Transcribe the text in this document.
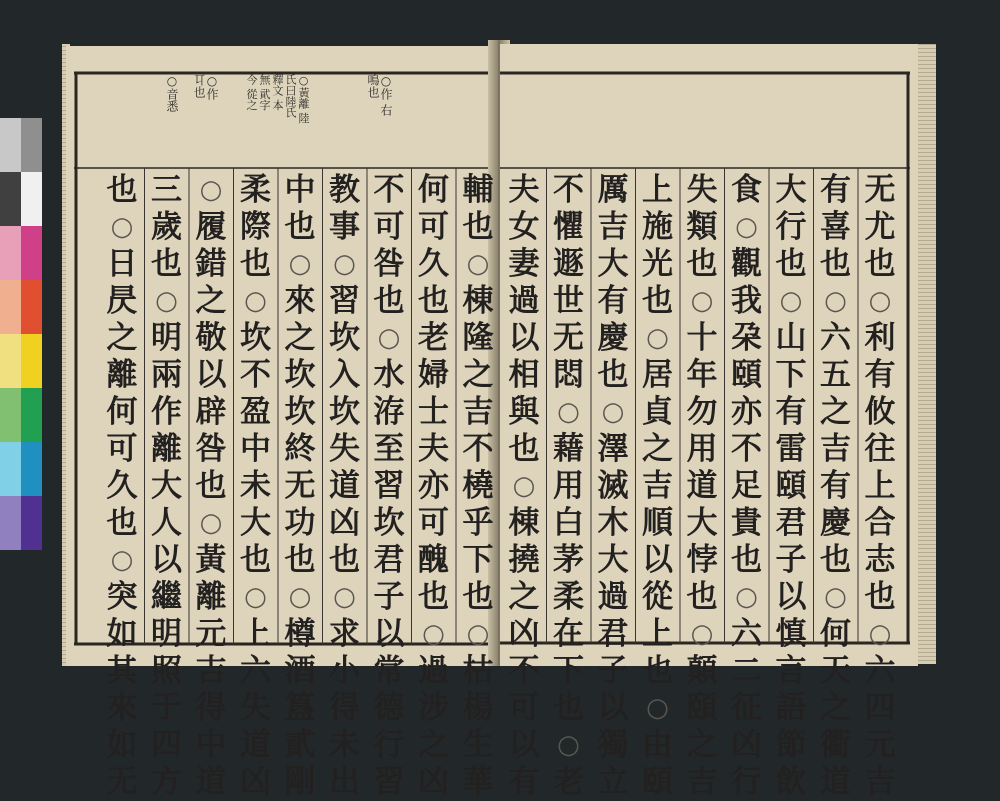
○音悉	○作 㔿也	○黃離 陸氏曰陸氏 釋文 本 無 貮字 今 從之	○作 右鳴也
也
○
日
昃
之
離
何
可
久
也
○
突
如
其
來
如
无
三
歲
也
○
明
兩
作
離
大
人
以
繼
明
照
于
四
方
○
履
錯
之
敬
以
辟
咎
也
○
黃
離
元
吉
得
中
道
柔
際
也
○
坎
不
盈
中
未
大
也
○
上
六
失
道
凶
中
也
○
來
之
坎
坎
終
无
功
也
○
樽
酒
簋
貳
剛
教
事
○
習
坎
入
坎
失
道
凶
也
○
求
小
得
未
出
不
可
咎
也
○
水
洊
至
習
坎
君
子
以
常
德
行
習
何
可
久
也
老
婦
士
夫
亦
可
醜
也
○
過
涉
之
凶
輔
也
○
棟
隆
之
吉
不
橈
乎
下
也
○
枯
楊
生
華
夫
女
妻
過
以
相
與
也
○
棟
撓
之
凶
不
可
以
有
不
懼
遯
世
无
悶
○
藉
用
白
茅
柔
在
下
也
○
老
厲
吉
大
有
慶
也
○
澤
滅
木
大
過
君
子
以
獨
立
上
施
光
也
○
居
貞
之
吉
順
以
從
上
也
○
由
頤
失
類
也
○
十
年
勿
用
道
大
悖
也
○
顛
頤
之
吉
食
○
觀
我
朶
頤
亦
不
足
貴
也
○
六
二
征
凶
行
大
行
也
○
山
下
有
雷
頤
君
子
以
慎
言
語
節
飲
有
喜
也
○
六
五
之
吉
有
慶
也
○
何
天
之
衢
道
无
尤
也
○
利
有
攸
往
上
合
志
也
○
六
四
元
吉
